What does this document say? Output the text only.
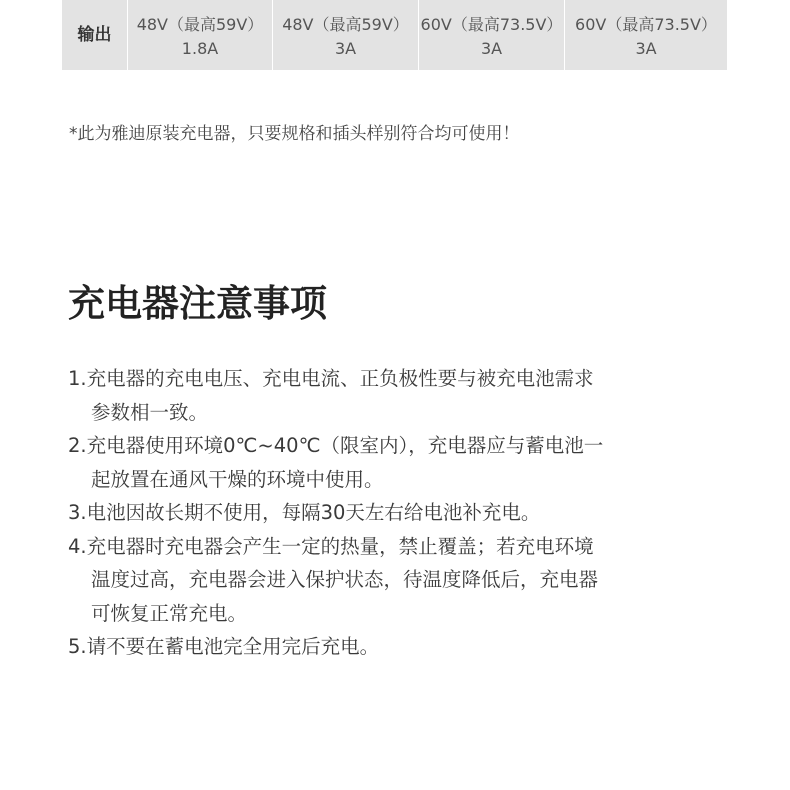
输出
48V（最高59V）
1.8A
48V（最高59V）
3A
60V（最高73.5V）
3A
60V（最高73.5V）
3A
*此为雅迪原装充电器，只要规格和插头样别符合均可使用！
充电器注意事项
1.充电器的充电电压、充电电流、正负极性要与被充电池需求
参数相一致。
2.充电器使用环境0℃~40℃（限室内），充电器应与蓄电池一
起放置在通风干燥的环境中使用。
3.电池因故长期不使用，每隔30天左右给电池补充电。
4.充电器时充电器会产生一定的热量，禁止覆盖；若充电环境
温度过高，充电器会进入保护状态，待温度降低后，充电器
可恢复正常充电。
5.请不要在蓄电池完全用完后充电。
